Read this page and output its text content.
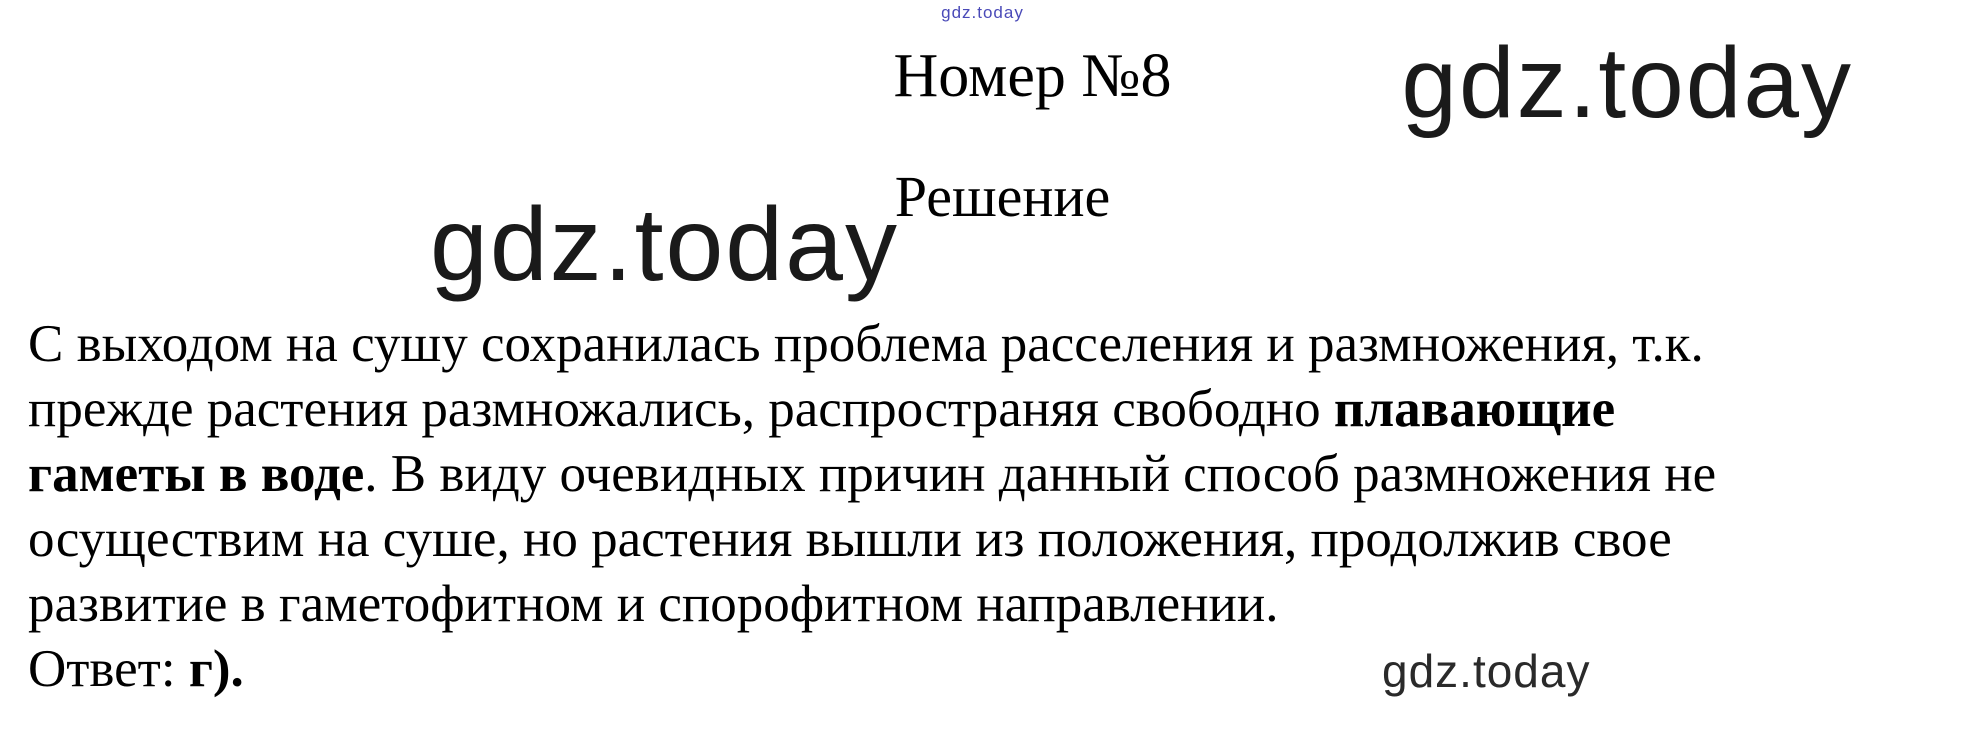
gdz.today
Номер №8	gdz.today
Решение
gdz.today
С выходом на сушу сохранилась проблема расселения и размножения, т.к.
прежде растения размножались, распространяя свободно плавающие
гаметы в воде. В виду очевидных причин данный способ размножения не
осуществим на суше, но растения вышли из положения, продолжив свое
развитие в гаметофитном и спорофитном направлении.
Ответ: г).	gdz.today
